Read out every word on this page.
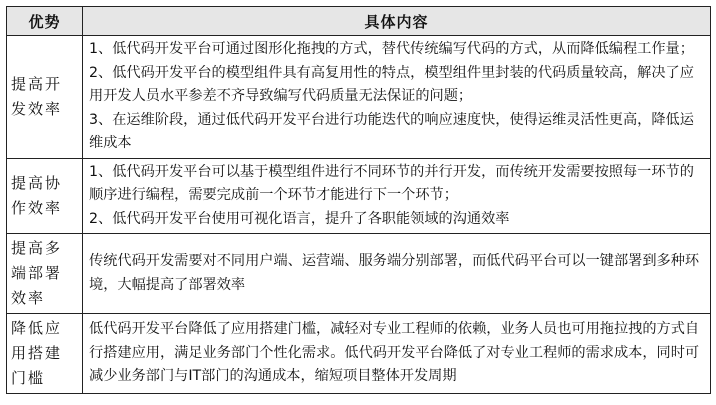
优势	具体内容
提高开发效率	1、低代码开发平台可通过图形化拖拽的方式，替代传统编写代码的方式，从而降低编程工作量；
2、低代码开发平台的模型组件具有高复用性的特点，模型组件里封装的代码质量较高，解决了应用开发人员水平参差不齐导致编写代码质量无法保证的问题；
3、在运维阶段，通过低代码开发平台进行功能迭代的响应速度快，使得运维灵活性更高，降低运维成本

提高协作效率	1、低代码开发平台可以基于模型组件进行不同环节的并行开发，而传统开发需要按照每一环节的顺序进行编程，需要完成前一个环节才能进行下一个环节；
2、低代码开发平台使用可视化语言，提升了各职能领域的沟通效率

提高多端部署效率	传统代码开发需要对不同用户端、运营端、服务端分别部署，而低代码平台可以一键部署到多种环境，大幅提高了部署效率

降低应用搭建门槛	低代码开发平台降低了应用搭建门槛，减轻对专业工程师的依赖，业务人员也可用拖拉拽的方式自行搭建应用，满足业务部门个性化需求。低代码开发平台降低了对专业工程师的需求成本，同时可减少业务部门与IT部门的沟通成本，缩短项目整体开发周期
